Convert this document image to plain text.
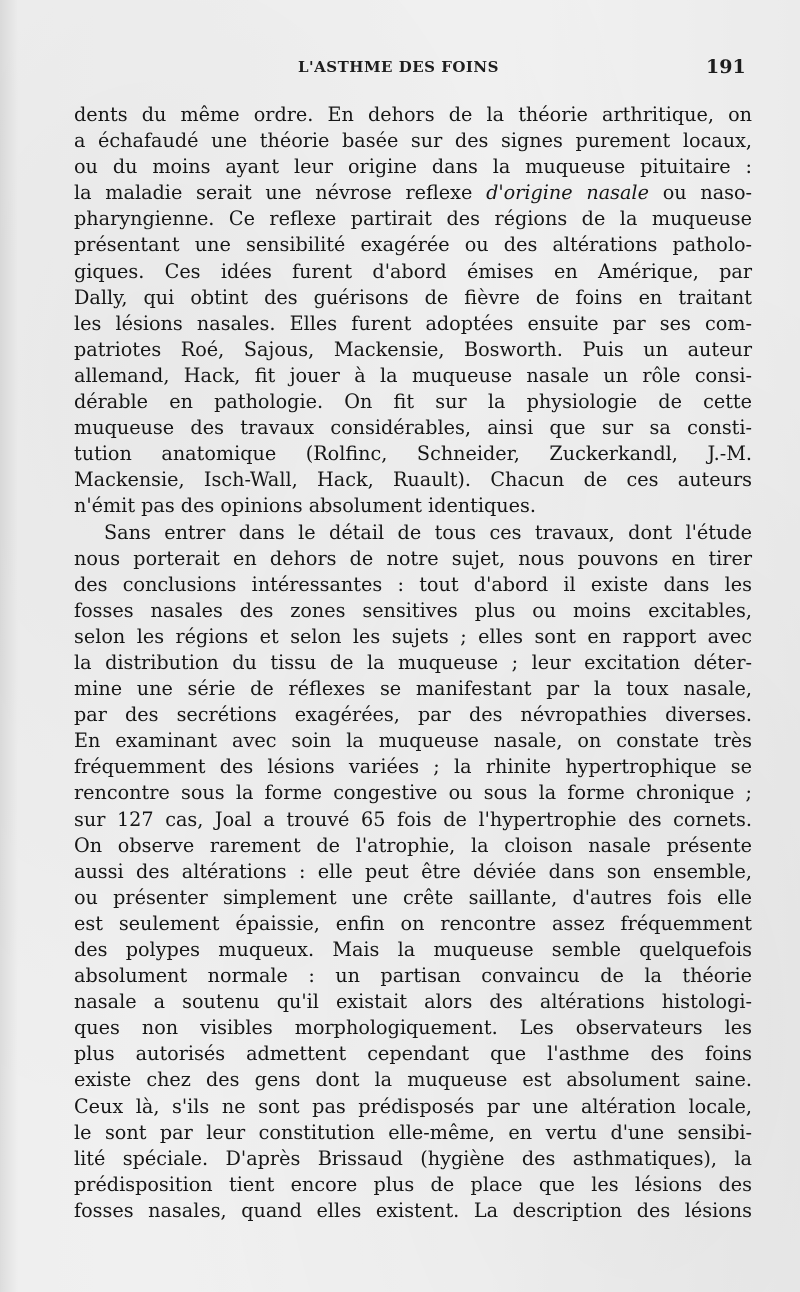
L'ASTHME DES FOINS	191
dents du même ordre. En dehors de la théorie arthritique, on
a échafaudé une théorie basée sur des signes purement locaux,
ou du moins ayant leur origine dans la muqueuse pituitaire :
la maladie serait une névrose reflexe d'origine nasale ou naso-
pharyngienne. Ce reflexe partirait des régions de la muqueuse
présentant une sensibilité exagérée ou des altérations patholo-
giques. Ces idées furent d'abord émises en Amérique, par
Dally, qui obtint des guérisons de fièvre de foins en traitant
les lésions nasales. Elles furent adoptées ensuite par ses com-
patriotes Roé, Sajous, Mackensie, Bosworth. Puis un auteur
allemand, Hack, fit jouer à la muqueuse nasale un rôle consi-
dérable en pathologie. On fit sur la physiologie de cette
muqueuse des travaux considérables, ainsi que sur sa consti-
tution anatomique (Rolfinc, Schneider, Zuckerkandl, J.-M.
Mackensie, Isch-Wall, Hack, Ruault). Chacun de ces auteurs
n'émit pas des opinions absolument identiques.
Sans entrer dans le détail de tous ces travaux, dont l'étude
nous porterait en dehors de notre sujet, nous pouvons en tirer
des conclusions intéressantes : tout d'abord il existe dans les
fosses nasales des zones sensitives plus ou moins excitables,
selon les régions et selon les sujets ; elles sont en rapport avec
la distribution du tissu de la muqueuse ; leur excitation déter-
mine une série de réflexes se manifestant par la toux nasale,
par des secrétions exagérées, par des névropathies diverses.
En examinant avec soin la muqueuse nasale, on constate très
fréquemment des lésions variées ; la rhinite hypertrophique se
rencontre sous la forme congestive ou sous la forme chronique ;
sur 127 cas, Joal a trouvé 65 fois de l'hypertrophie des cornets.
On observe rarement de l'atrophie, la cloison nasale présente
aussi des altérations : elle peut être déviée dans son ensemble,
ou présenter simplement une crête saillante, d'autres fois elle
est seulement épaissie, enfin on rencontre assez fréquemment
des polypes muqueux. Mais la muqueuse semble quelquefois
absolument normale : un partisan convaincu de la théorie
nasale a soutenu qu'il existait alors des altérations histologi-
ques non visibles morphologiquement. Les observateurs les
plus autorisés admettent cependant que l'asthme des foins
existe chez des gens dont la muqueuse est absolument saine.
Ceux là, s'ils ne sont pas prédisposés par une altération locale,
le sont par leur constitution elle-même, en vertu d'une sensibi-
lité spéciale. D'après Brissaud (hygiène des asthmatiques), la
prédisposition tient encore plus de place que les lésions des
fosses nasales, quand elles existent. La description des lésions
